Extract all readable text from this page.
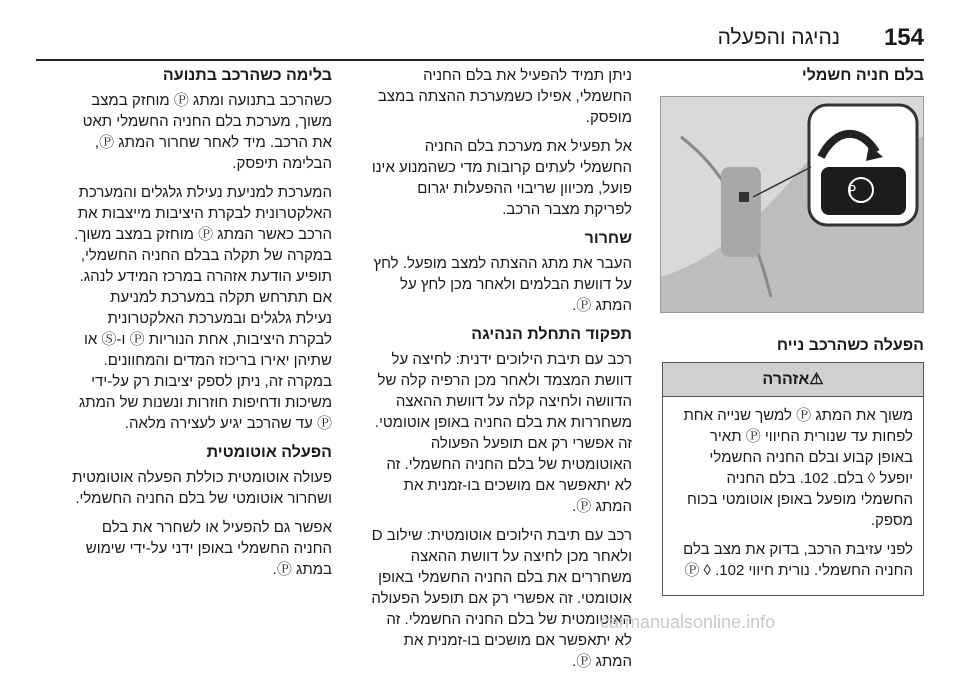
154
נהיגה והפעלה
בלם חניה חשמלי
P
הפעלה כשהרכב נייח
⚠אזהרה

משוך את המתג Ⓟ למשך שנייה אחת לפחות עד שנורית החיווי Ⓟ תאיר באופן קבוע ובלם החניה החשמלי יופעל ◊ בלם. 102. בלם החניה החשמלי מופעל באופן אוטומטי בכוח מספק.

לפני עזיבת הרכב, בדוק את מצב בלם החניה החשמלי. נורית חיווי Ⓟ ◊ .102

ניתן תמיד להפעיל את בלם החניה החשמלי, אפילו כשמערכת ההצתה במצב מופסק.

אל תפעיל את מערכת בלם החניה החשמלי לעתים קרובות מדי כשהמנוע אינו פועל, מכיוון שריבוי ההפעלות יגרום לפריקת מצבר הרכב.

שחרור

העבר את מתג ההצתה למצב מופעל. לחץ על דוושת הבלמים ולאחר מכן לחץ על המתג Ⓟ.

תפקוד התחלת הנהיגה

רכב עם תיבת הילוכים ידנית: לחיצה על דוושת המצמד ולאחר מכן הרפיה קלה של הדוושה ולחיצה קלה על דוושת ההאצה משחררות את בלם החניה באופן אוטומטי. זה אפשרי רק אם תופעל הפעולה האוטומטית של בלם החניה החשמלי. זה לא יתאפשר אם מושכים בו-זמנית את המתג Ⓟ.

רכב עם תיבת הילוכים אוטומטית: שילוב D ולאחר מכן לחיצה על דוושת ההאצה משחררים את בלם החניה החשמלי באופן אוטומטי. זה אפשרי רק אם תופעל הפעולה האוטומטית של בלם החניה החשמלי. זה לא יתאפשר אם מושכים בו-זמנית את המתג Ⓟ.

בלימה כשהרכב בתנועה

כשהרכב בתנועה ומתג Ⓟ מוחזק במצב משוך, מערכת בלם החניה החשמלי תאט את הרכב. מיד לאחר שחרור המתג Ⓟ, הבלימה תיפסק.

המערכת למניעת נעילת גלגלים והמערכת האלקטרונית לבקרת היציבות מייצבות את הרכב כאשר המתג Ⓟ מוחזק במצב משוך. במקרה של תקלה בבלם החניה החשמלי, תופיע הודעת אזהרה במרכז המידע לנהג. אם תתרחש תקלה במערכת למניעת נעילת גלגלים ובמערכת האלקטרונית לבקרת היציבות, אחת הנוריות Ⓟ ו-Ⓢ או שתיהן יאירו בריכוז המדים והמחוונים. במקרה זה, ניתן לספק יציבות רק על-ידי משיכות ודחיפות חוזרות ונשנות של המתג Ⓟ עד שהרכב יגיע לעצירה מלאה.

הפעלה אוטומטית

פעולה אוטומטית כוללת הפעלה אוטומטית ושחרור אוטומטי של בלם החניה החשמלי.

אפשר גם להפעיל או לשחרר את בלם החניה החשמלי באופן ידני על-ידי שימוש במתג Ⓟ.

carmanualsonline.info
